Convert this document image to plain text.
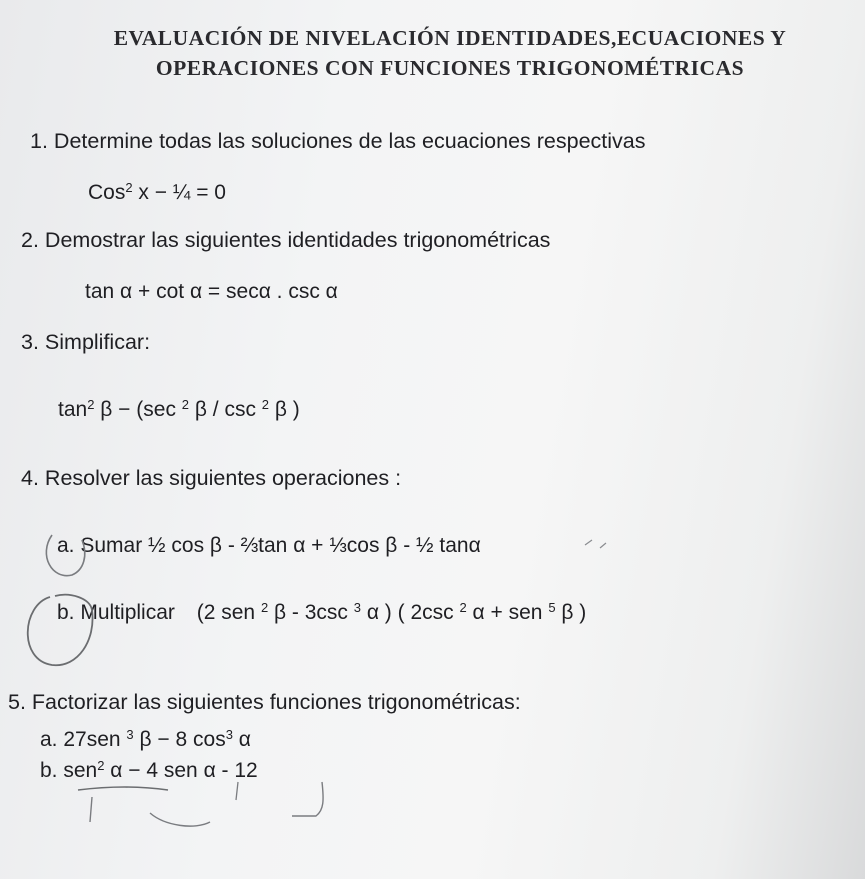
EVALUACIÓN DE NIVELACIÓN IDENTIDADES,ECUACIONES Y
OPERACIONES CON FUNCIONES TRIGONOMÉTRICAS
1. Determine todas las soluciones de las ecuaciones respectivas
Cos$^2$ x − ¼ = 0
2. Demostrar las siguientes identidades trigonométricas
tan α + cot α = secα . csc α
3. Simplificar:
$\tan^2 \beta - (\sec$ $^2$ β / csc $^2$ β )
4. Resolver las siguientes operaciones :
a. Sumar ½ cos β - ⅔tan α + ⅓cos β - ½ tanα
b. Multiplicar (2 sen $^2$ β - 3csc $^3$ α ) ( 2csc $^2$ α + sen $^5$ β )
5. Factorizar las siguientes funciones trigonométricas:
a. 27sen $^3$ β − 8 $\cos^3 \alpha$
b. sen$^2$ α − 4 sen α - 12
